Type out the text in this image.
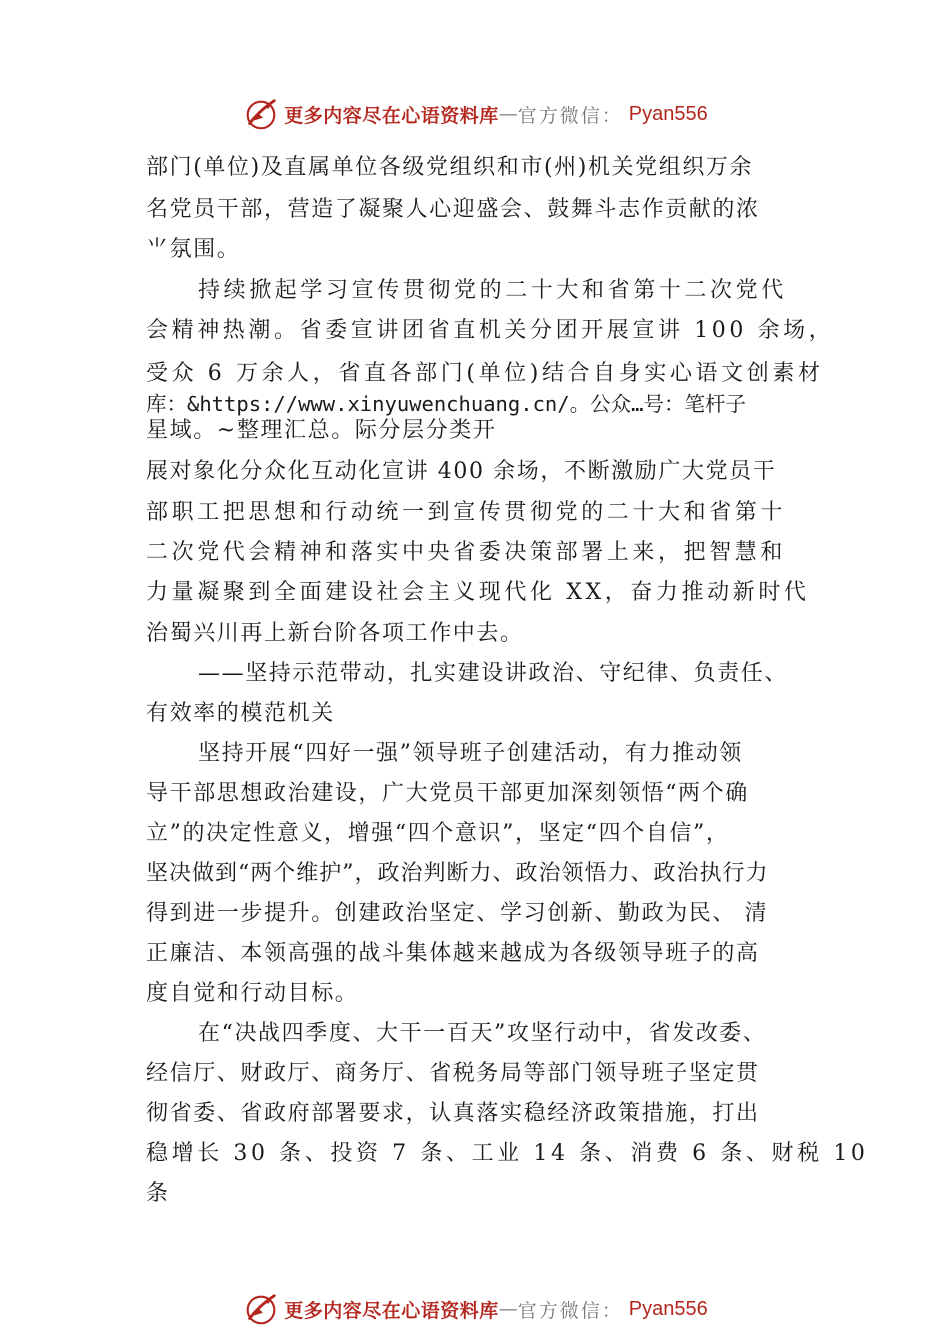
更多内容尽在心语资料库 — 官方微信： Pyan556
部门(单位)及直属单位各级党组织和市(州)机关党组织万余
名党员干部，营造了凝聚人心迎盛会、鼓舞斗志作贡献的浓
⺌氛围。
持续掀起学习宣传贯彻党的二十大和省第十二次党代
会精神热潮。省委宣讲团省直机关分团开展宣讲 100 余场，
受众 6 万余人，省直各部门(单位)结合自身实心语文创素材
库：&https://www.xinyuwenchuang.cn/。公众…号：笔杆子
星域。~整理汇总。际分层分类开
展对象化分众化互动化宣讲 400 余场，不断激励广大党员干
部职工把思想和行动统一到宣传贯彻党的二十大和省第十
二次党代会精神和落实中央省委决策部署上来，把智慧和
力量凝聚到全面建设社会主义现代化 XX，奋力推动新时代
治蜀兴川再上新台阶各项工作中去。
——坚持示范带动，扎实建设讲政治、守纪律、负责任、
有效率的模范机关
坚持开展“四好一强”领导班子创建活动，有力推动领
导干部思想政治建设，广大党员干部更加深刻领悟“两个确
立”的决定性意义，增强“四个意识”，坚定“四个自信”，
坚决做到“两个维护”，政治判断力、政治领悟力、政治执行力
得到进一步提升。创建政治坚定、学习创新、勤政为民、 清
正廉洁、本领高强的战斗集体越来越成为各级领导班子的高
度自觉和行动目标。
在“决战四季度、大干一百天”攻坚行动中，省发改委、
经信厅、财政厅、商务厅、省税务局等部门领导班子坚定贯
彻省委、省政府部署要求，认真落实稳经济政策措施，打出
稳增长 30 条、投资 7 条、工业 14 条、消费 6 条、财税 10
条
更多内容尽在心语资料库 — 官方微信： Pyan556
